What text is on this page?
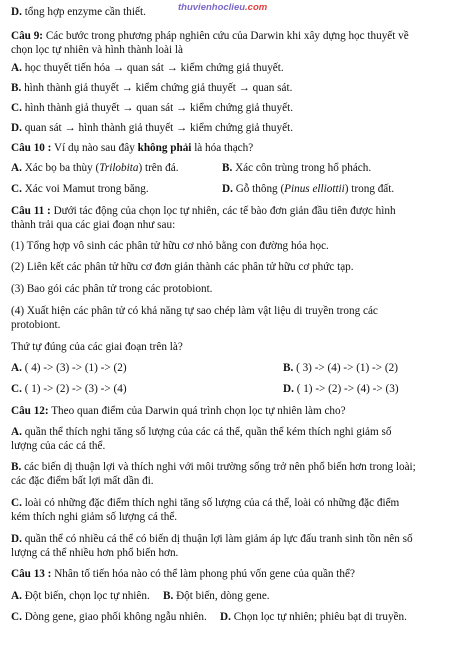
thuvienhoclieu.com
D. tổng hợp enzyme cần thiết.
Câu 9: Các bước trong phương pháp nghiên cứu của Darwin khi xây dựng học thuyết về
chọn lọc tự nhiên và hình thành loài là
A. học thuyết tiến hóa → quan sát → kiểm chứng giả thuyết.
B. hình thành giả thuyết → kiểm chứng giả thuyết → quan sát.
C. hình thành giả thuyết → quan sát → kiểm chứng giả thuyết.
D. quan sát → hình thành giả thuyết → kiểm chứng giả thuyết.
Câu 10 : Ví dụ nào sau đây không phải là hóa thạch?
A. Xác bọ ba thùy (Trilobita) trên đá.	B. Xác côn trùng trong hổ phách.
C. Xác voi Mamut trong băng.	D. Gỗ thông (Pinus elliottii) trong đất.
Câu 11 : Dưới tác động của chọn lọc tự nhiên, các tế bào đơn giản đầu tiên được hình
thành trải qua các giai đoạn như sau:
(1) Tổng hợp vô sinh các phân tử hữu cơ nhỏ bằng con đường hóa học.
(2) Liên kết các phân tử hữu cơ đơn giản thành các phân tử hữu cơ phức tạp.
(3) Bao gói các phân tử trong các protobiont.
(4) Xuất hiện các phân tử có khả năng tự sao chép làm vật liệu di truyền trong các
protobiont.
Thứ tự đúng của các giai đoạn trên là?
A. ( 4) -> (3) -> (1) -> (2)	B. ( 3) -> (4) -> (1) -> (2)
C. ( 1) -> (2) -> (3) -> (4)	D. ( 1) -> (2) -> (4) -> (3)
Câu 12: Theo quan điểm của Darwin quá trình chọn lọc tự nhiên làm cho?
A. quần thể thích nghi tăng số lượng của các cá thể, quần thể kém thích nghi giảm số
lượng của các cá thể.
B. các biến dị thuận lợi và thích nghi với môi trường sống trở nên phổ biến hơn trong loài;
các đặc điểm bất lợi mất dần đi.
C. loài có những đặc điểm thích nghi tăng số lượng của cá thể, loài có những đặc điểm
kém thích nghi giảm số lượng cá thể.
D. quần thể có nhiều cá thể có biến dị thuận lợi làm giảm áp lực đấu tranh sinh tồn nên số
lượng cá thể nhiều hơn phổ biến hơn.
Câu 13 : Nhân tố tiến hóa nào có thể làm phong phú vốn gene của quần thể?
A. Đột biến, chọn lọc tự nhiên. B. Đột biến, dòng gene.
C. Dòng gene, giao phối không ngẫu nhiên. D. Chọn lọc tự nhiên; phiêu bạt di truyền.
